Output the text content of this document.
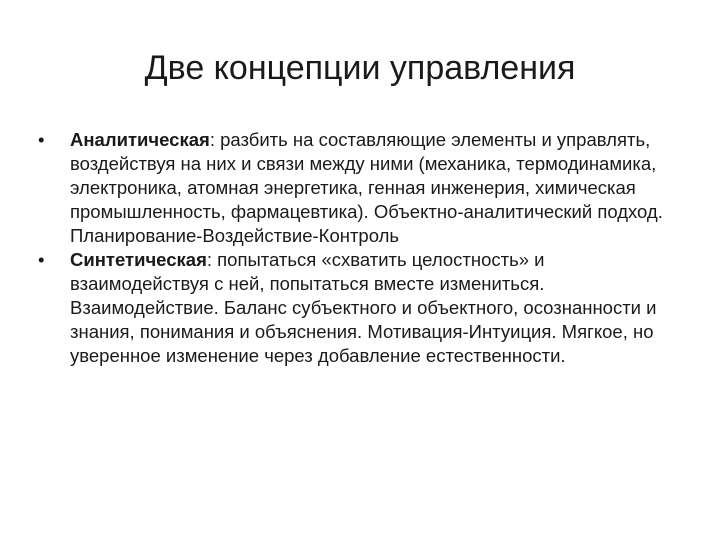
Две концепции управления
• Аналитическая: разбить на составляющие элементы и управлять, воздействуя на них и связи между ними (механика, термодинамика, электроника, атомная энергетика, генная инженерия, химическая промышленность, фармацевтика). Объектно-аналитический подход. Планирование-Воздействие-Контроль
• Синтетическая: попытаться «схватить целостность» и взаимодействуя с ней, попытаться вместе измениться. Взаимодействие. Баланс субъектного и объектного, осознанности и знания, понимания и объяснения. Мотивация-Интуиция. Мягкое, но уверенное изменение через добавление естественности.
